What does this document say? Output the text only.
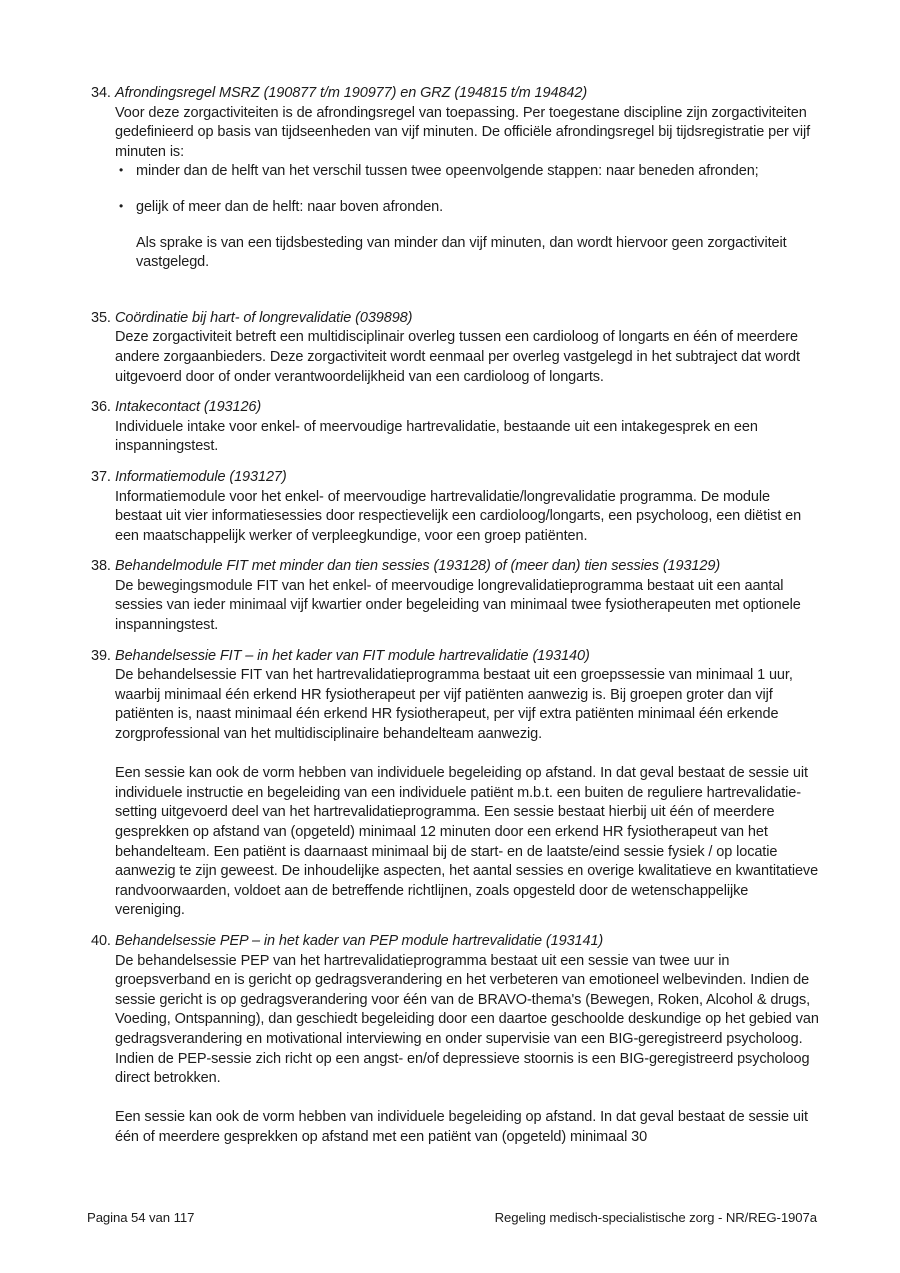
34. Afrondingsregel MSRZ (190877 t/m 190977) en GRZ (194815 t/m 194842)

Voor deze zorgactiviteiten is de afrondingsregel van toepassing. Per toegestane discipline zijn zorgactiviteiten gedefinieerd op basis van tijdseenheden van vijf minuten. De officiële afrondingsregel bij tijdsregistratie per vijf minuten is:

• minder dan de helft van het verschil tussen twee opeenvolgende stappen: naar beneden afronden;
• gelijk of meer dan de helft: naar boven afronden.

Als sprake is van een tijdsbesteding van minder dan vijf minuten, dan wordt hiervoor geen zorgactiviteit vastgelegd.

35. Coördinatie bij hart- of longrevalidatie (039898)

Deze zorgactiviteit betreft een multidisciplinair overleg tussen een cardioloog of longarts en één of meerdere andere zorgaanbieders. Deze zorgactiviteit wordt eenmaal per overleg vastgelegd in het subtraject dat wordt uitgevoerd door of onder verantwoordelijkheid van een cardioloog of longarts.

36. Intakecontact (193126)

Individuele intake voor enkel- of meervoudige hartrevalidatie, bestaande uit een intakegesprek en een inspanningstest.

37. Informatiemodule (193127)

Informatiemodule voor het enkel- of meervoudige hartrevalidatie/longrevalidatie programma. De module bestaat uit vier informatiesessies door respectievelijk een cardioloog/longarts, een psycholoog, een diëtist en een maatschappelijk werker of verpleegkundige, voor een groep patiënten.

38. Behandelmodule FIT met minder dan tien sessies (193128) of (meer dan) tien sessies (193129)

De bewegingsmodule FIT van het enkel- of meervoudige longrevalidatieprogramma bestaat uit een aantal sessies van ieder minimaal vijf kwartier onder begeleiding van minimaal twee fysiotherapeuten met optionele inspanningstest.

39. Behandelsessie FIT – in het kader van FIT module hartrevalidatie (193140)

De behandelsessie FIT van het hartrevalidatieprogramma bestaat uit een groepssessie van minimaal 1 uur, waarbij minimaal één erkend HR fysiotherapeut per vijf patiënten aanwezig is. Bij groepen groter dan vijf patiënten is, naast minimaal één erkend HR fysiotherapeut, per vijf extra patiënten minimaal één erkende zorgprofessional van het multidisciplinaire behandelteam aanwezig.

Een sessie kan ook de vorm hebben van individuele begeleiding op afstand. In dat geval bestaat de sessie uit individuele instructie en begeleiding van een individuele patiënt m.b.t. een buiten de reguliere hartrevalidatie-setting uitgevoerd deel van het hartrevalidatieprogramma. Een sessie bestaat hierbij uit één of meerdere gesprekken op afstand van (opgeteld) minimaal 12 minuten door een erkend HR fysiotherapeut van het behandelteam. Een patiënt is daarnaast minimaal bij de start- en de laatste/eind sessie fysiek / op locatie aanwezig te zijn geweest. De inhoudelijke aspecten, het aantal sessies en overige kwalitatieve en kwantitatieve randvoorwaarden, voldoet aan de betreffende richtlijnen, zoals opgesteld door de wetenschappelijke vereniging.

40. Behandelsessie PEP – in het kader van PEP module hartrevalidatie (193141)

De behandelsessie PEP van het hartrevalidatieprogramma bestaat uit een sessie van twee uur in groepsverband en is gericht op gedragsverandering en het verbeteren van emotioneel welbevinden. Indien de sessie gericht is op gedragsverandering voor één van de BRAVO-thema's (Bewegen, Roken, Alcohol & drugs, Voeding, Ontspanning), dan geschiedt begeleiding door een daartoe geschoolde deskundige op het gebied van gedragsverandering en motivational interviewing en onder supervisie van een BIG-geregistreerd psycholoog. Indien de PEP-sessie zich richt op een angst- en/of depressieve stoornis is een BIG-geregistreerd psycholoog direct betrokken.

Een sessie kan ook de vorm hebben van individuele begeleiding op afstand. In dat geval bestaat de sessie uit één of meerdere gesprekken op afstand met een patiënt van (opgeteld) minimaal 30

Pagina 54 van 117	Regeling medisch-specialistische zorg - NR/REG-1907a
